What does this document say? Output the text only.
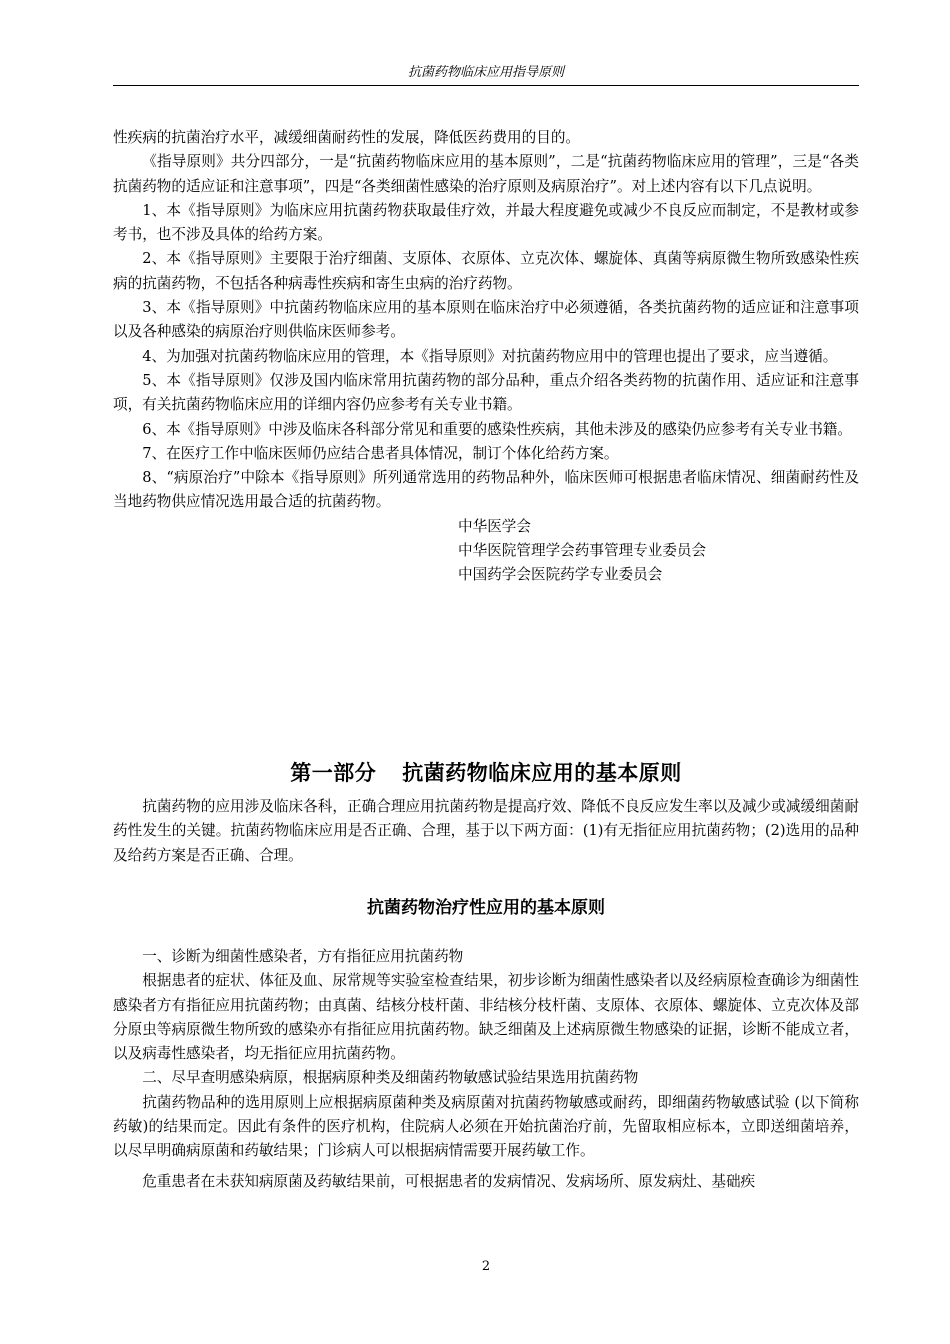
抗菌药物临床应用指导原则

性疾病的抗菌治疗水平，减缓细菌耐药性的发展，降低医药费用的目的。

《指导原则》共分四部分，一是“抗菌药物临床应用的基本原则”，二是“抗菌药物临床应用的管理”，三是“各类抗菌药物的适应证和注意事项”，四是“各类细菌性感染的治疗原则及病原治疗”。对上述内容有以下几点说明。

1、本《指导原则》为临床应用抗菌药物获取最佳疗效，并最大程度避免或减少不良反应而制定，不是教材或参考书，也不涉及具体的给药方案。

2、本《指导原则》主要限于治疗细菌、支原体、衣原体、立克次体、螺旋体、真菌等病原微生物所致感染性疾病的抗菌药物，不包括各种病毒性疾病和寄生虫病的治疗药物。

3、本《指导原则》中抗菌药物临床应用的基本原则在临床治疗中必须遵循，各类抗菌药物的适应证和注意事项以及各种感染的病原治疗则供临床医师参考。

4、为加强对抗菌药物临床应用的管理，本《指导原则》对抗菌药物应用中的管理也提出了要求，应当遵循。

5、本《指导原则》仅涉及国内临床常用抗菌药物的部分品种，重点介绍各类药物的抗菌作用、适应证和注意事项，有关抗菌药物临床应用的详细内容仍应参考有关专业书籍。

6、本《指导原则》中涉及临床各科部分常见和重要的感染性疾病，其他未涉及的感染仍应参考有关专业书籍。

7、在医疗工作中临床医师仍应结合患者具体情况，制订个体化给药方案。

8、“病原治疗”中除本《指导原则》所列通常选用的药物品种外，临床医师可根据患者临床情况、细菌耐药性及当地药物供应情况选用最合适的抗菌药物。

中华医学会

中华医院管理学会药事管理专业委员会

中国药学会医院药学专业委员会

第一部分 抗菌药物临床应用的基本原则

抗菌药物的应用涉及临床各科，正确合理应用抗菌药物是提高疗效、降低不良反应发生率以及减少或减缓细菌耐药性发生的关键。抗菌药物临床应用是否正确、合理，基于以下两方面：(1)有无指征应用抗菌药物；(2)选用的品种及给药方案是否正确、合理。

抗菌药物治疗性应用的基本原则

一、诊断为细菌性感染者，方有指征应用抗菌药物

根据患者的症状、体征及血、尿常规等实验室检查结果，初步诊断为细菌性感染者以及经病原检查确诊为细菌性感染者方有指征应用抗菌药物；由真菌、结核分枝杆菌、非结核分枝杆菌、支原体、衣原体、螺旋体、立克次体及部分原虫等病原微生物所致的感染亦有指征应用抗菌药物。缺乏细菌及上述病原微生物感染的证据，诊断不能成立者，以及病毒性感染者，均无指征应用抗菌药物。

二、尽早查明感染病原，根据病原种类及细菌药物敏感试验结果选用抗菌药物

抗菌药物品种的选用原则上应根据病原菌种类及病原菌对抗菌药物敏感或耐药，即细菌药物敏感试验 (以下简称药敏)的结果而定。因此有条件的医疗机构，住院病人必须在开始抗菌治疗前，先留取相应标本，立即送细菌培养，以尽早明确病原菌和药敏结果；门诊病人可以根据病情需要开展药敏工作。

危重患者在未获知病原菌及药敏结果前，可根据患者的发病情况、发病场所、原发病灶、基础疾

2
